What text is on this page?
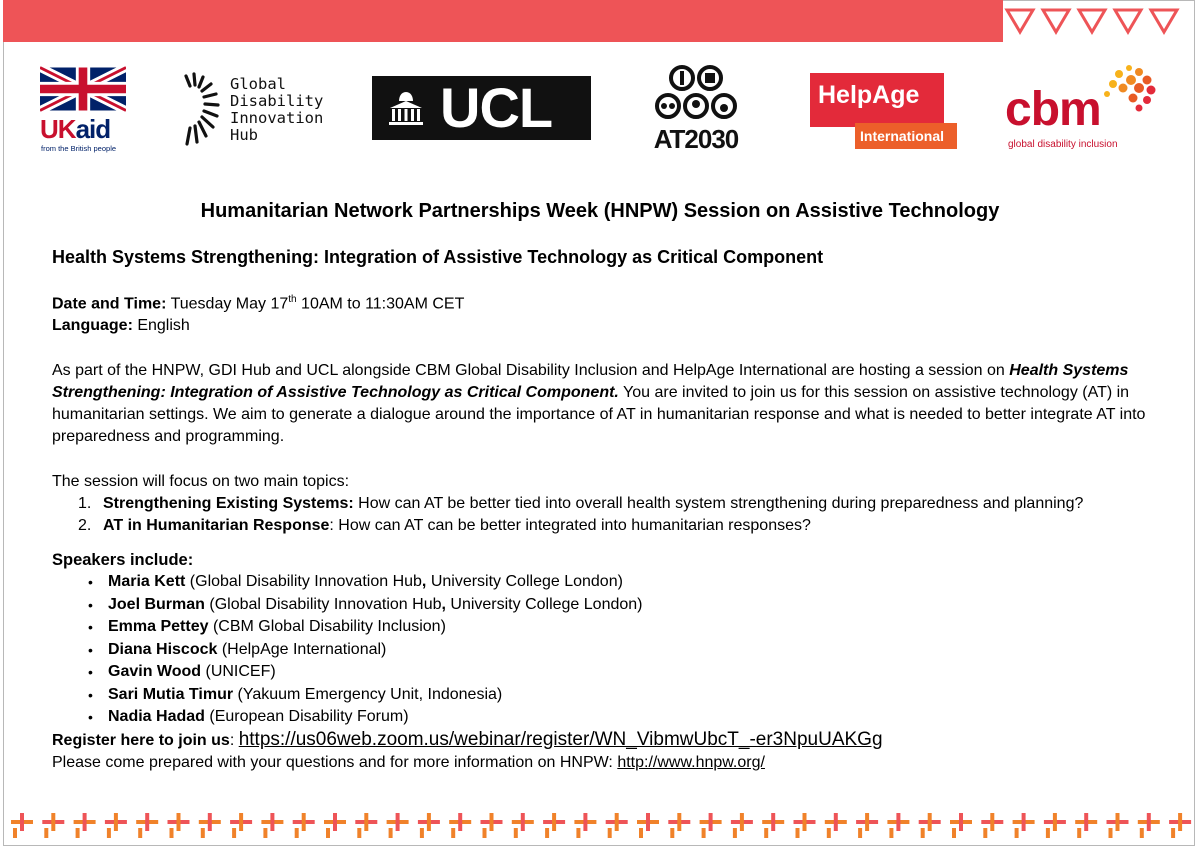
UKaid
from the British people
Global
Disability
Innovation
Hub	UCL	AT2030
HelpAge
International cbm
global disability inclusion
Humanitarian Network Partnerships Week (HNPW) Session on Assistive Technology
Health Systems Strengthening: Integration of Assistive Technology as Critical Component

Date and Time: Tuesday May 17th 10AM to 11:30AM CET

Language: English

As part of the HNPW, GDI Hub and UCL alongside CBM Global Disability Inclusion and HelpAge International are hosting a session on Health Systems Strengthening: Integration of Assistive Technology as Critical Component. You are invited to join us for this session on assistive technology (AT) in humanitarian settings. We aim to generate a dialogue around the importance of AT in humanitarian response and what is needed to better integrate AT into preparedness and programming.

The session will focus on two main topics:

1. Strengthening Existing Systems: How can AT be better tied into overall health system strengthening during preparedness and planning?
2. AT in Humanitarian Response: How can AT can be better integrated into humanitarian responses?
Speakers include:
• Maria Kett (Global Disability Innovation Hub, University College London)
• Joel Burman (Global Disability Innovation Hub, University College London)
• Emma Pettey (CBM Global Disability Inclusion)
• Diana Hiscock (HelpAge International)
• Gavin Wood (UNICEF)
• Sari Mutia Timur (Yakuum Emergency Unit, Indonesia)
• Nadia Hadad (European Disability Forum)

Register here to join us: https://us06web.zoom.us/webinar/register/WN_VibmwUbcT_-er3NpuUAKGg

Please come prepared with your questions and for more information on HNPW: http://www.hnpw.org/
